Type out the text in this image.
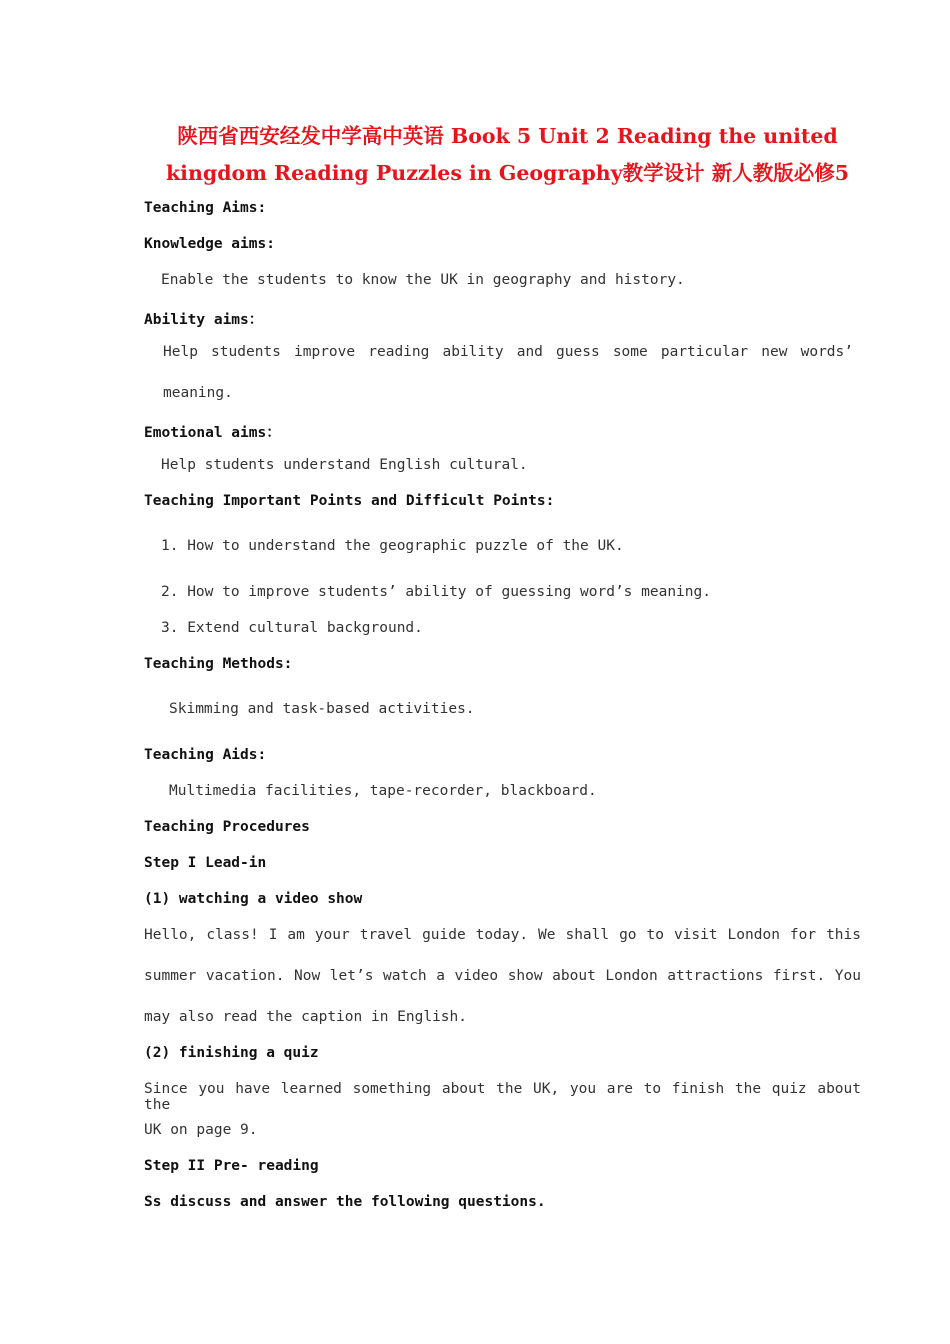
陕西省西安经发中学高中英语 Book 5 Unit 2 Reading the united
kingdom Reading Puzzles in Geography教学设计 新人教版必修5
Teaching Aims:
Knowledge aims:
Enable the students to know the UK in geography and history.
Ability aims：
Help students improve reading ability and guess some particular new words’
meaning.
Emotional aims：
Help students understand English cultural.
Teaching Important Points and Difficult Points:
1. How to understand the geographic puzzle of the UK.
2. How to improve students’ ability of guessing word’s meaning.
3. Extend cultural background.
Teaching Methods:
Skimming and task-based activities.
Teaching Aids:
Multimedia facilities, tape-recorder, blackboard.
Teaching Procedures
Step I Lead-in
(1) watching a video show
Hello, class! I am your travel guide today. We shall go to visit London for this
summer vacation. Now let’s watch a video show about London attractions first. You
may also read the caption in English.
(2) finishing a quiz
Since you have learned something about the UK, you are to finish the quiz about the
UK on page 9.
Step II Pre- reading
Ss discuss and answer the following questions.
